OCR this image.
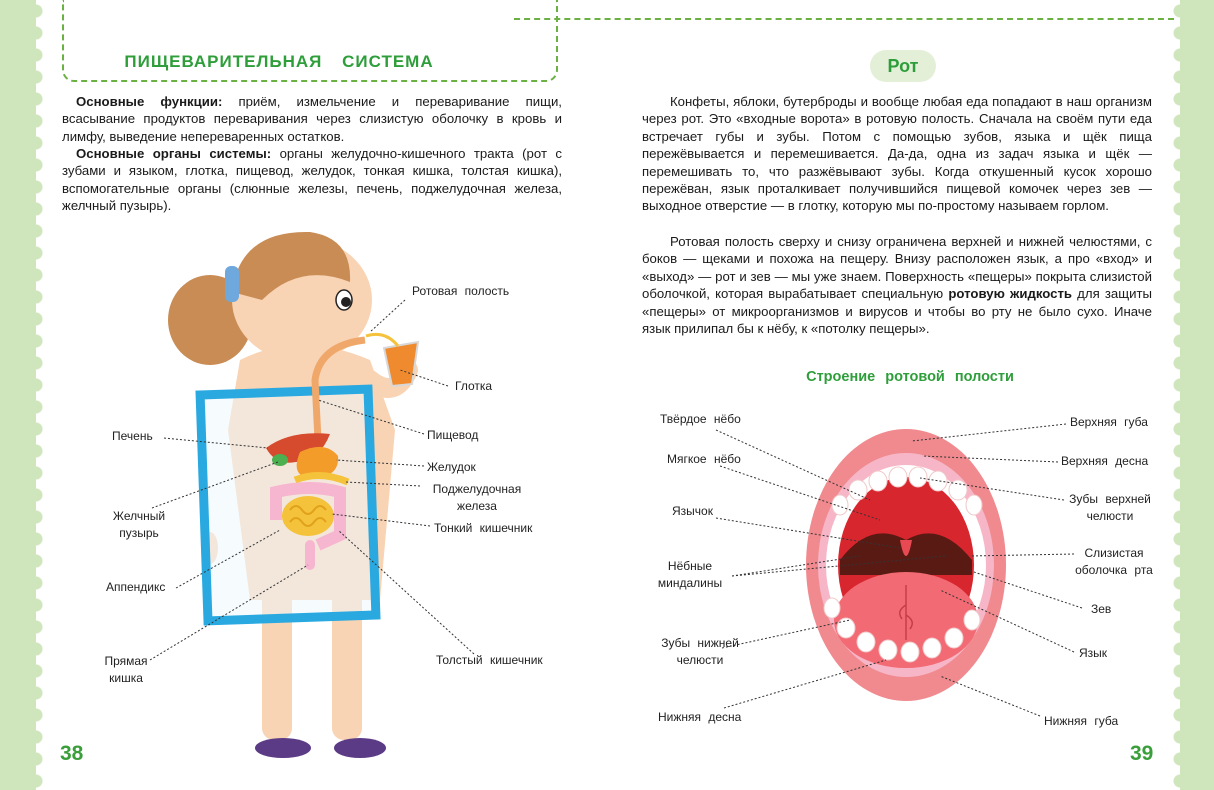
ПИЩЕВАРИТЕЛЬНАЯ СИСТЕМА
Основные функции: приём, измельчение и переваривание пищи, всасывание продуктов переваривания через слизистую оболочку в кровь и лимфу, выведение непереваренных остатков.
Основные органы системы: органы желудочно-кишечного тракта (рот с зубами и языком, глотка, пищевод, желудок, тонкая кишка, толстая кишка), вспомогательные органы (слюнные железы, печень, поджелудочная железа, желчный пузырь).
Ротовая полость
Глотка
Пищевод
Печень
Желудок
Поджелудочная
железа
Желчный
пузырь	Тонкий кишечник
Аппендикс
Прямая
кишка
Толстый кишечник
38
Рот
Конфеты, яблоки, бутерброды и вообще любая еда попадают в наш организм через рот. Это «входные ворота» в ротовую полость. Сначала на своём пути еда встречает губы и зубы. Потом с помощью зубов, языка и щёк пища пережёвывается и перемешивается. Да-да, одна из задач языка и щёк — перемешивать то, что разжёвывают зубы. Когда откушенный кусок хорошо пережёван, язык проталкивает получившийся пищевой комочек через зев — выходное отверстие — в глотку, которую мы по-простому называем горлом.
Ротовая полость сверху и снизу ограничена верхней и нижней челюстями, с боков — щеками и похожа на пещеру. Внизу расположен язык, а про «вход» и «выход» — рот и зев — мы уже знаем. Поверхность «пещеры» покрыта слизистой оболочкой, которая вырабатывает специальную ротовую жидкость для защиты «пещеры» от микроорганизмов и вирусов и чтобы во рту не было сухо. Иначе язык прилипал бы к нёбу, к «потолку пещеры».
Строение ротовой полости
Твёрдое нёбо
Мягкое нёбо
Язычок
Нёбные
миндалины
Зубы нижней
челюсти
Нижняя десна
Верхняя губа
Верхняя десна
Зубы верхней
челюсти
Слизистая
оболочка рта
Зев
Язык
Нижняя губа
39
